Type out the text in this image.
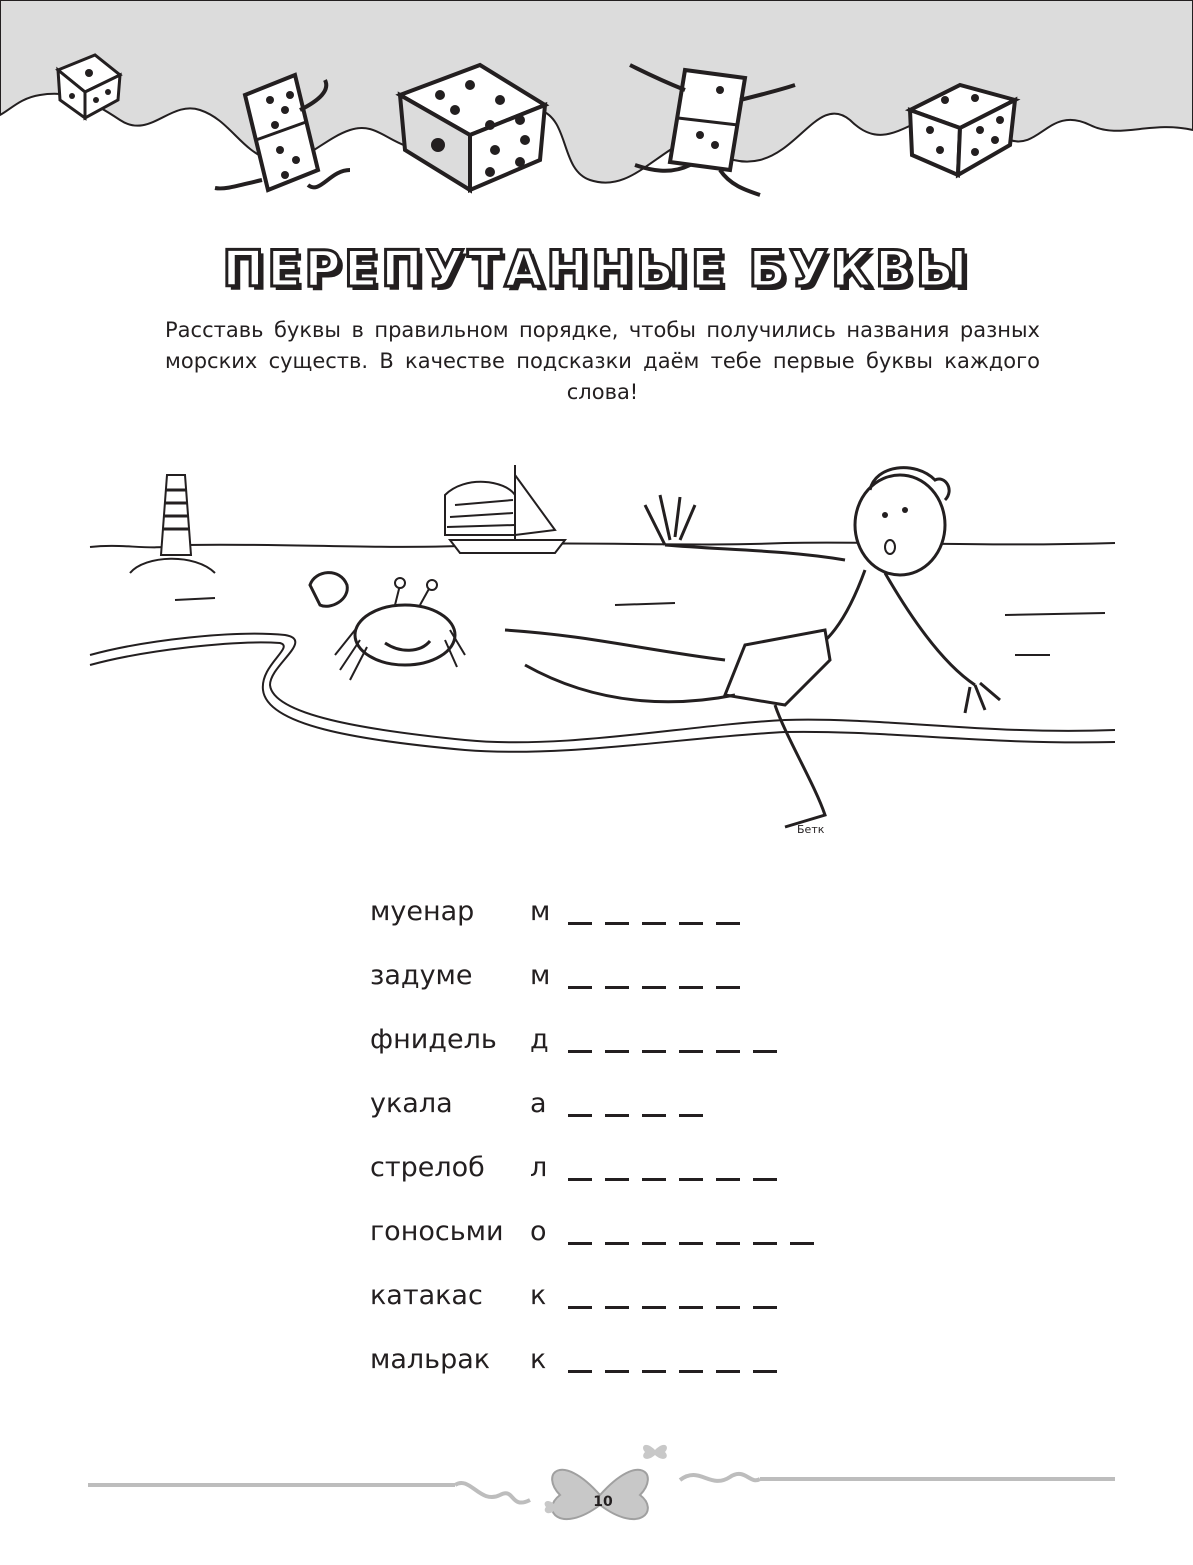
ПЕРЕПУТАННЫЕ БУКВЫ
Расставь буквы в правильном порядке, чтобы получились названия разных морских существ. В качестве подсказки даём тебе первые буквы каждого слова!
Бетк
муенар м
задуме м
фнидель д
укала	а
стрелоб л
гоносьми о
катакас к
мальрак к
10
